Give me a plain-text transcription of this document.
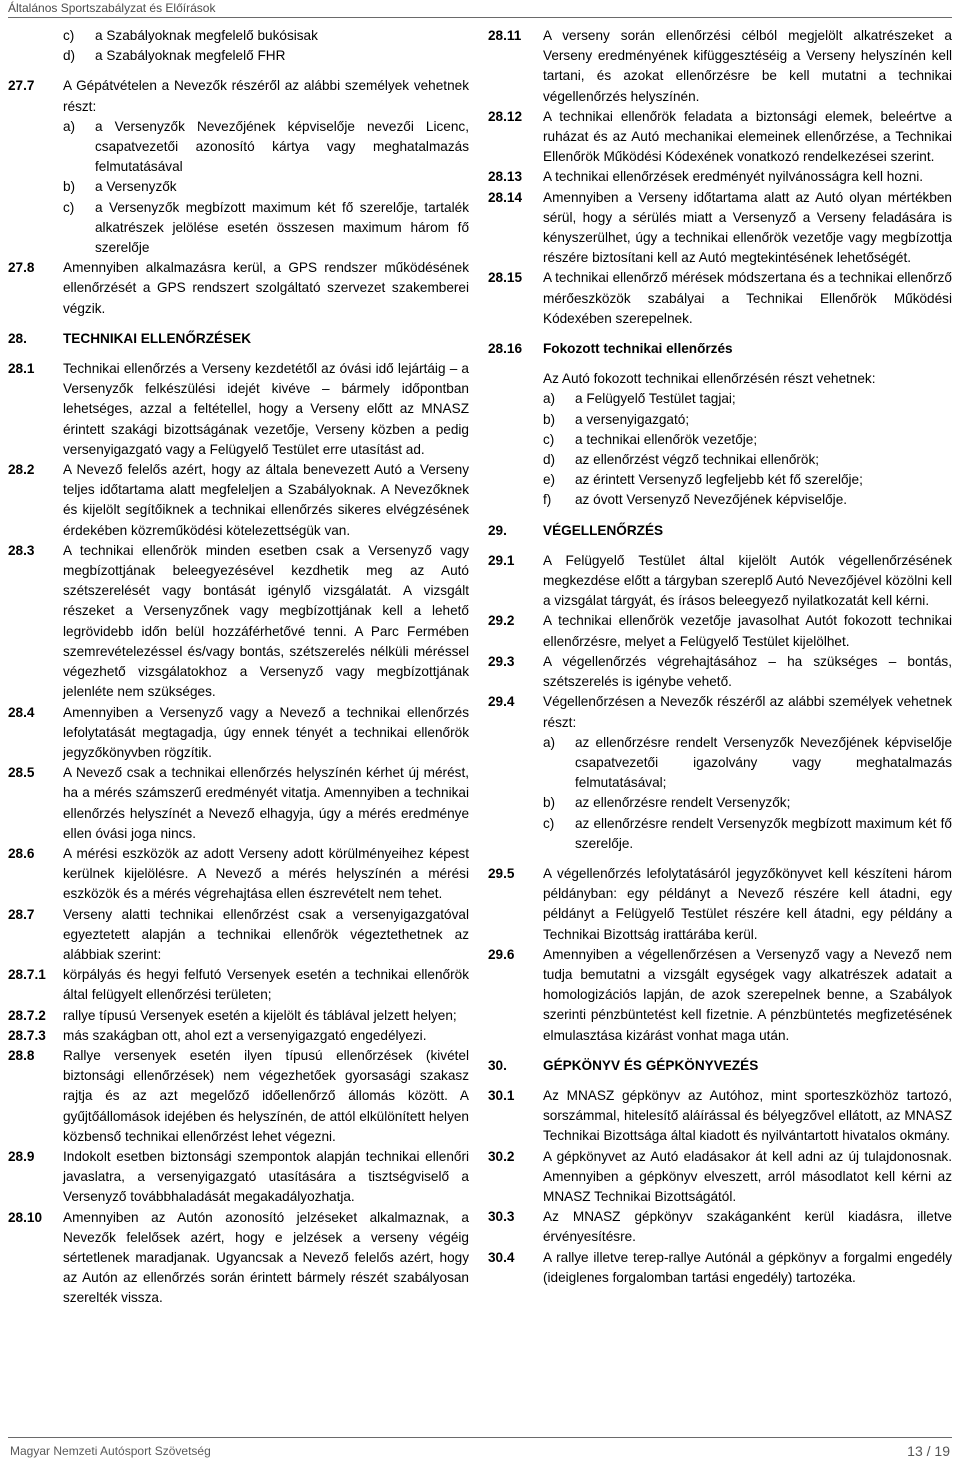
Általános Sportszabályzat és Előírások
c)	a Szabályoknak megfelelő bukósisak
d)	a Szabályoknak megfelelő FHR
27.7	A Gépátvételen a Nevezők részéről az alábbi személyek vehetnek részt:
a)	a Versenyzők Nevezőjének képviselője nevezői Licenc, csapatvezetői azonosító kártya vagy meghatalmazás felmutatásával
b)	a Versenyzők
c)	a Versenyzők megbízott maximum két fő szerelője, tartalék alkatrészek jelölése esetén összesen maximum három fő szerelője
27.8	Amennyiben alkalmazásra kerül, a GPS rendszer működésének ellenőrzését a GPS rendszert szolgáltató szervezet szakemberei végzik.
28.	TECHNIKAI ELLENŐRZÉSEK
28.1	Technikai ellenőrzés a Verseny kezdetétől az óvási idő lejártáig – a Versenyzők felkészülési idejét kivéve – bármely időpontban lehetséges, azzal a feltétellel, hogy a Verseny előtt az MNASZ érintett szakági bizottságának vezetője, Verseny közben a pedig versenyigazgató vagy a Felügyelő Testület erre utasítást ad.
28.2	A Nevező felelős azért, hogy az általa benevezett Autó a Verseny teljes időtartama alatt megfeleljen a Szabályoknak. A Nevezőknek és kijelölt segítőiknek a technikai ellenőrzés sikeres elvégzésének érdekében közreműködési kötelezettségük van.
28.3	A technikai ellenőrök minden esetben csak a Versenyző vagy megbízottjának beleegyezésével kezdhetik meg az Autó szétszerelését vagy bontását igénylő vizsgálatát. A vizsgált részeket a Versenyzőnek vagy megbízottjának kell a lehető legrövidebb időn belül hozzáférhetővé tenni. A Parc Fermében szemrevételezéssel és/vagy bontás, szétszerelés nélküli méréssel végezhető vizsgálatokhoz a Versenyző vagy megbízottjának jelenléte nem szükséges.
28.4	Amennyiben a Versenyző vagy a Nevező a technikai ellenőrzés lefolytatását megtagadja, úgy ennek tényét a technikai ellenőrök jegyzőkönyvben rögzítik.
28.5	A Nevező csak a technikai ellenőrzés helyszínén kérhet új mérést, ha a mérés számszerű eredményét vitatja. Amennyiben a technikai ellenőrzés helyszínét a Nevező elhagyja, úgy a mérés eredménye ellen óvási joga nincs.
28.6	A mérési eszközök az adott Verseny adott körülményeihez képest kerülnek kijelölésre. A Nevező a mérés helyszínén a mérési eszközök és a mérés végrehajtása ellen észrevételt nem tehet.
28.7	Verseny alatti technikai ellenőrzést csak a versenyigazgatóval egyeztetett alapján a technikai ellenőrök végeztethetnek az alábbiak szerint:
28.7.1	körpályás és hegyi felfutó Versenyek esetén a technikai ellenőrök által felügyelt ellenőrzési területen;
28.7.2	rallye típusú Versenyek esetén a kijelölt és táblával jelzett helyen;
28.7.3	más szakágban ott, ahol ezt a versenyigazgató engedélyezi.
28.8	Rallye versenyek esetén ilyen típusú ellenőrzések (kivétel biztonsági ellenőrzések) nem végezhetőek gyorsasági szakasz rajtja és az azt megelőző időellenőrző állomás között. A gyűjtőállomások idejében és helyszínén, de attól elkülönített helyen közbenső technikai ellenőrzést lehet végezni.
28.9	Indokolt esetben biztonsági szempontok alapján technikai ellenőri javaslatra, a versenyigazgató utasítására a tisztségviselő a Versenyző továbbhaladását megakadályozhatja.
28.10	Amennyiben az Autón azonosító jelzéseket alkalmaznak, a Nevezők felelősek azért, hogy e jelzések a verseny végéig sértetlenek maradjanak. Ugyancsak a Nevező felelős azért, hogy az Autón az ellenőrzés során érintett bármely részét szabályosan szerelték vissza.
28.11	A verseny során ellenőrzési célból megjelölt alkatrészeket a Verseny eredményének kifüggesztéséig a Verseny helyszínén kell tartani, és azokat ellenőrzésre be kell mutatni a technikai végellenőrzés helyszínén.
28.12	A technikai ellenőrök feladata a biztonsági elemek, beleértve a ruházat és az Autó mechanikai elemeinek ellenőrzése, a Technikai Ellenőrök Működési Kódexének vonatkozó rendelkezései szerint.
28.13	A technikai ellenőrzések eredményét nyilvánosságra kell hozni.
28.14	Amennyiben a Verseny időtartama alatt az Autó olyan mértékben sérül, hogy a sérülés miatt a Versenyző a Verseny feladására is kényszerülhet, úgy a technikai ellenőrök vezetője vagy megbízottja részére biztosítani kell az Autó megtekintésének lehetőségét.
28.15	A technikai ellenőrző mérések módszertana és a technikai ellenőrző mérőeszközök szabályai a Technikai Ellenőrök Működési Kódexében szerepelnek.
28.16	Fokozott technikai ellenőrzés
Az Autó fokozott technikai ellenőrzésén részt vehetnek:
a)	a Felügyelő Testület tagjai;
b)	a versenyigazgató;
c)	a technikai ellenőrök vezetője;
d)	az ellenőrzést végző technikai ellenőrök;
e)	az érintett Versenyző legfeljebb két fő szerelője;
f)	az óvott Versenyző Nevezőjének képviselője.
29.	VÉGELLENŐRZÉS
29.1	A Felügyelő Testület által kijelölt Autók végellenőrzésének megkezdése előtt a tárgyban szereplő Autó Nevezőjével közölni kell a vizsgálat tárgyát, és írásos beleegyező nyilatkozatát kell kérni.
29.2	A technikai ellenőrök vezetője javasolhat Autót fokozott technikai ellenőrzésre, melyet a Felügyelő Testület kijelölhet.
29.3	A végellenőrzés végrehajtásához – ha szükséges – bontás, szétszerelés is igénybe vehető.
29.4	Végellenőrzésen a Nevezők részéről az alábbi személyek vehetnek részt:
a)	az ellenőrzésre rendelt Versenyzők Nevezőjének képviselője csapatvezetői igazolvány vagy meghatalmazás felmutatásával;
b)	az ellenőrzésre rendelt Versenyzők;
c)	az ellenőrzésre rendelt Versenyzők megbízott maximum két fő szerelője.
29.5	A végellenőrzés lefolytatásáról jegyzőkönyvet kell készíteni három példányban: egy példányt a Nevező részére kell átadni, egy példányt a Felügyelő Testület részére kell átadni, egy példány a Technikai Bizottság irattárába kerül.
29.6	Amennyiben a végellenőrzésen a Versenyző vagy a Nevező nem tudja bemutatni a vizsgált egységek vagy alkatrészek adatait a homologizációs lapján, de azok szerepelnek benne, a Szabályok szerinti pénzbüntetést kell fizetnie. A pénzbüntetés megfizetésének elmulasztása kizárást vonhat maga után.
30.	GÉPKÖNYV ÉS GÉPKÖNYVEZÉS
30.1	Az MNASZ gépkönyv az Autóhoz, mint sporteszközhöz tartozó, sorszámmal, hitelesítő aláírással és bélyegzővel ellátott, az MNASZ Technikai Bizottsága által kiadott és nyilvántartott hivatalos okmány.
30.2	A gépkönyvet az Autó eladásakor át kell adni az új tulajdonosnak. Amennyiben a gépkönyv elveszett, arról másodlatot kell kérni az MNASZ Technikai Bizottságától.
30.3	Az MNASZ gépkönyv szakáganként kerül kiadásra, illetve érvényesítésre.
30.4	A rallye illetve terep-rallye Autónál a gépkönyv a forgalmi engedély (ideiglenes forgalomban tartási engedély) tartozéka.
Magyar Nemzeti Autósport Szövetség	13 / 19
